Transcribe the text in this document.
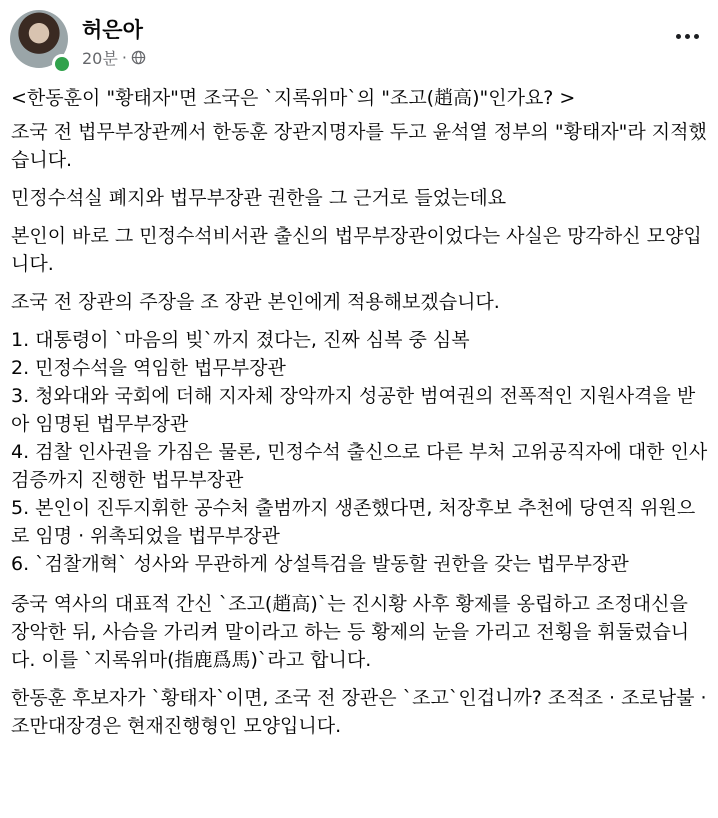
허은아
20분 ·

<한동훈이 "황태자"면 조국은 `지록위마`의 "조고(趙高)"인가요? >

조국 전 법무부장관께서 한동훈 장관지명자를 두고 윤석열 정부의 "황태자"라 지적했습니다.

민정수석실 폐지와 법무부장관 권한을 그 근거로 들었는데요

본인이 바로 그 민정수석비서관 출신의 법무부장관이었다는 사실은 망각하신 모양입니다.

조국 전 장관의 주장을 조 장관 본인에게 적용해보겠습니다.

1. 대통령이 `마음의 빚`까지 졌다는, 진짜 심복 중 심복
2. 민정수석을 역임한 법무부장관
3. 청와대와 국회에 더해 지자체 장악까지 성공한 범여권의 전폭적인 지원사격을 받아 임명된 법무부장관
4. 검찰 인사권을 가짐은 물론, 민정수석 출신으로 다른 부처 고위공직자에 대한 인사검증까지 진행한 법무부장관
5. 본인이 진두지휘한 공수처 출범까지 생존했다면, 처장후보 추천에 당연직 위원으로 임명 · 위촉되었을 법무부장관
6. `검찰개혁` 성사와 무관하게 상설특검을 발동할 권한을 갖는 법무부장관

중국 역사의 대표적 간신 `조고(趙高)`는 진시황 사후 황제를 옹립하고 조정대신을 장악한 뒤, 사슴을 가리켜 말이라고 하는 등 황제의 눈을 가리고 전횡을 휘둘렀습니다. 이를 `지록위마(指鹿爲馬)`라고 합니다.

한동훈 후보자가 `황태자`이면, 조국 전 장관은 `조고`인겁니까? 조적조 · 조로남불 · 조만대장경은 현재진행형인 모양입니다.
